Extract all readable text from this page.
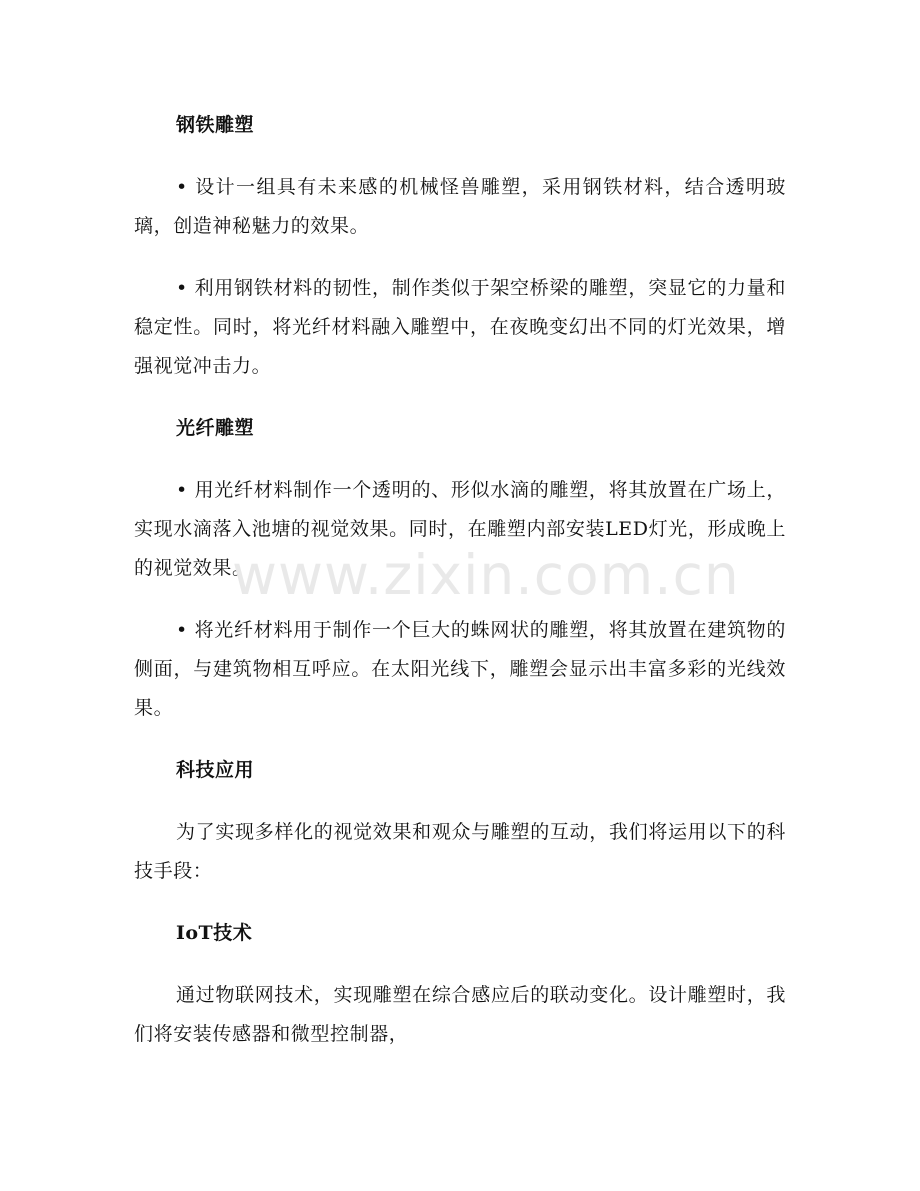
钢铁雕塑

• 设计一组具有未来感的机械怪兽雕塑，采用钢铁材料，结合透明玻璃，创造神秘魅力的效果。

• 利用钢铁材料的韧性，制作类似于架空桥梁的雕塑，突显它的力量和稳定性。同时，将光纤材料融入雕塑中，在夜晚变幻出不同的灯光效果，增强视觉冲击力。

光纤雕塑

• 用光纤材料制作一个透明的、形似水滴的雕塑，将其放置在广场上，实现水滴落入池塘的视觉效果。同时，在雕塑内部安装LED灯光，形成晚上的视觉效果。

• 将光纤材料用于制作一个巨大的蛛网状的雕塑，将其放置在建筑物的侧面，与建筑物相互呼应。在太阳光线下，雕塑会显示出丰富多彩的光线效果。

科技应用

为了实现多样化的视觉效果和观众与雕塑的互动，我们将运用以下的科技手段：

IoT技术

通过物联网技术，实现雕塑在综合感应后的联动变化。设计雕塑时，我们将安装传感器和微型控制器，

www.zixin.com.cn
